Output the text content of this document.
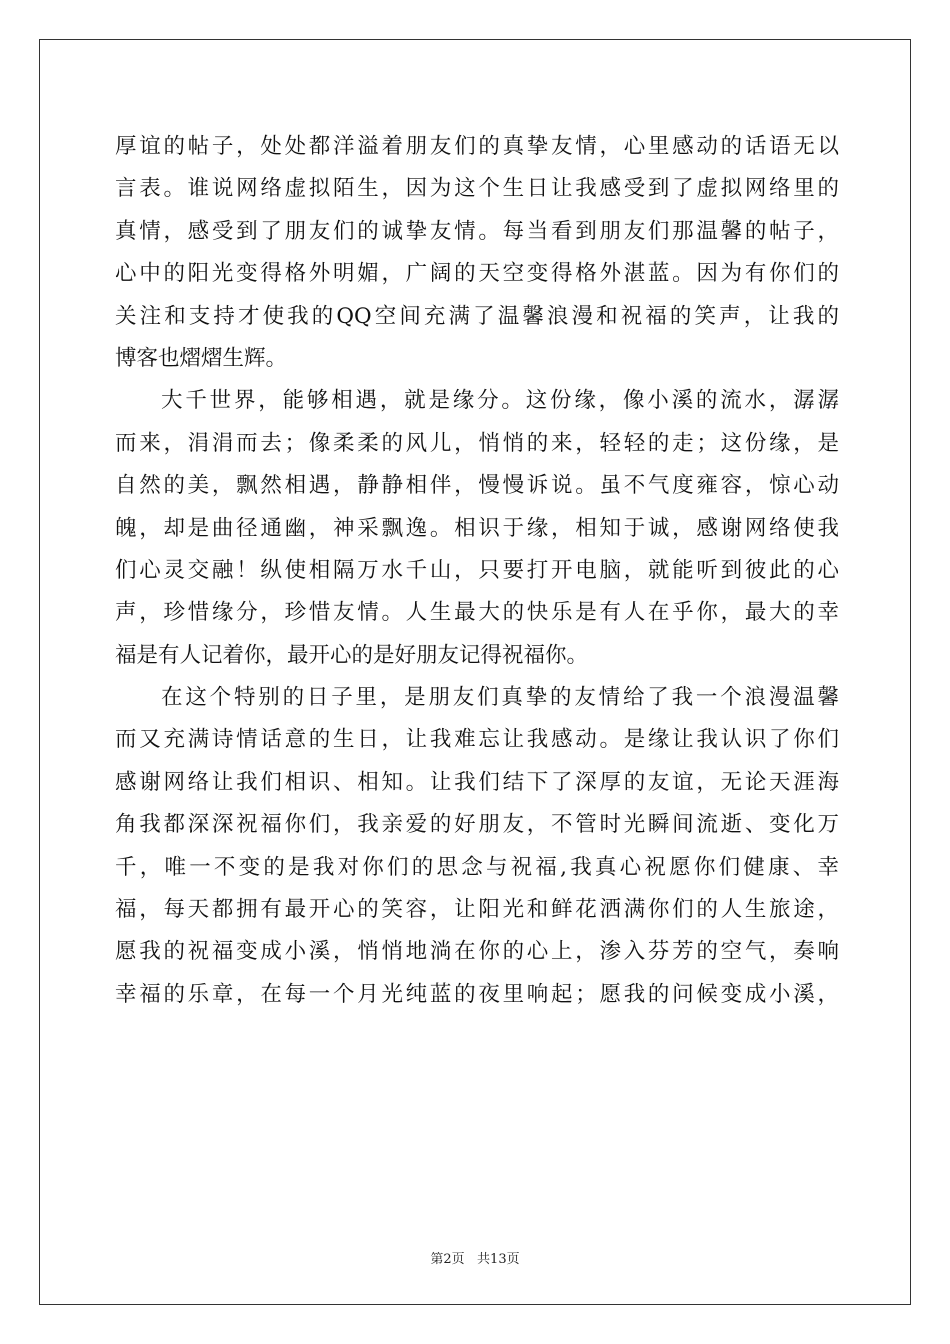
厚谊的帖子，处处都洋溢着朋友们的真挚友情，心里感动的话语无以
言表。谁说网络虚拟陌生，因为这个生日让我感受到了虚拟网络里的
真情，感受到了朋友们的诚挚友情。每当看到朋友们那温馨的帖子，
心中的阳光变得格外明媚，广阔的天空变得格外湛蓝。因为有你们的
关注和支持才使我的QQ空间充满了温馨浪漫和祝福的笑声，让我的
博客也熠熠生辉。
大千世界，能够相遇，就是缘分。这份缘，像小溪的流水，潺潺
而来，涓涓而去；像柔柔的风儿，悄悄的来，轻轻的走；这份缘，是
自然的美，飘然相遇，静静相伴，慢慢诉说。虽不气度雍容，惊心动
魄，却是曲径通幽，神采飘逸。相识于缘，相知于诚，感谢网络使我
们心灵交融！纵使相隔万水千山，只要打开电脑，就能听到彼此的心
声，珍惜缘分，珍惜友情。人生最大的快乐是有人在乎你，最大的幸
福是有人记着你，最开心的是好朋友记得祝福你。
在这个特别的日子里，是朋友们真挚的友情给了我一个浪漫温馨
而又充满诗情话意的生日，让我难忘让我感动。是缘让我认识了你们
感谢网络让我们相识、相知。让我们结下了深厚的友谊，无论天涯海
角我都深深祝福你们，我亲爱的好朋友，不管时光瞬间流逝、变化万
千，唯一不变的是我对你们的思念与祝福,我真心祝愿你们健康、幸
福，每天都拥有最开心的笑容，让阳光和鲜花洒满你们的人生旅途，
愿我的祝福变成小溪，悄悄地淌在你的心上，渗入芬芳的空气，奏响
幸福的乐章，在每一个月光纯蓝的夜里响起；愿我的问候变成小溪，
第2页   共13页
